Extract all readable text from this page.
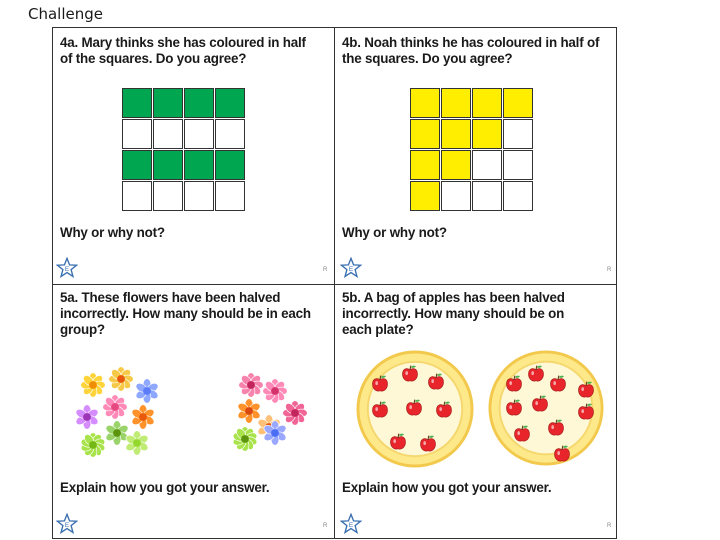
Challenge
4a. Mary thinks she has coloured in half
of the squares. Do you agree?
Why or why not?
4b. Noah thinks he has coloured in half of
the squares. Do you agree?
Why or why not?
5a. These flowers have been halved
incorrectly. How many should be in each
group?
Explain how you got your answer.
5b. A bag of apples has been halved
incorrectly. How many should be on
each plate?
Explain how you got your answer.
E	E
E	E
R	R
R	R
